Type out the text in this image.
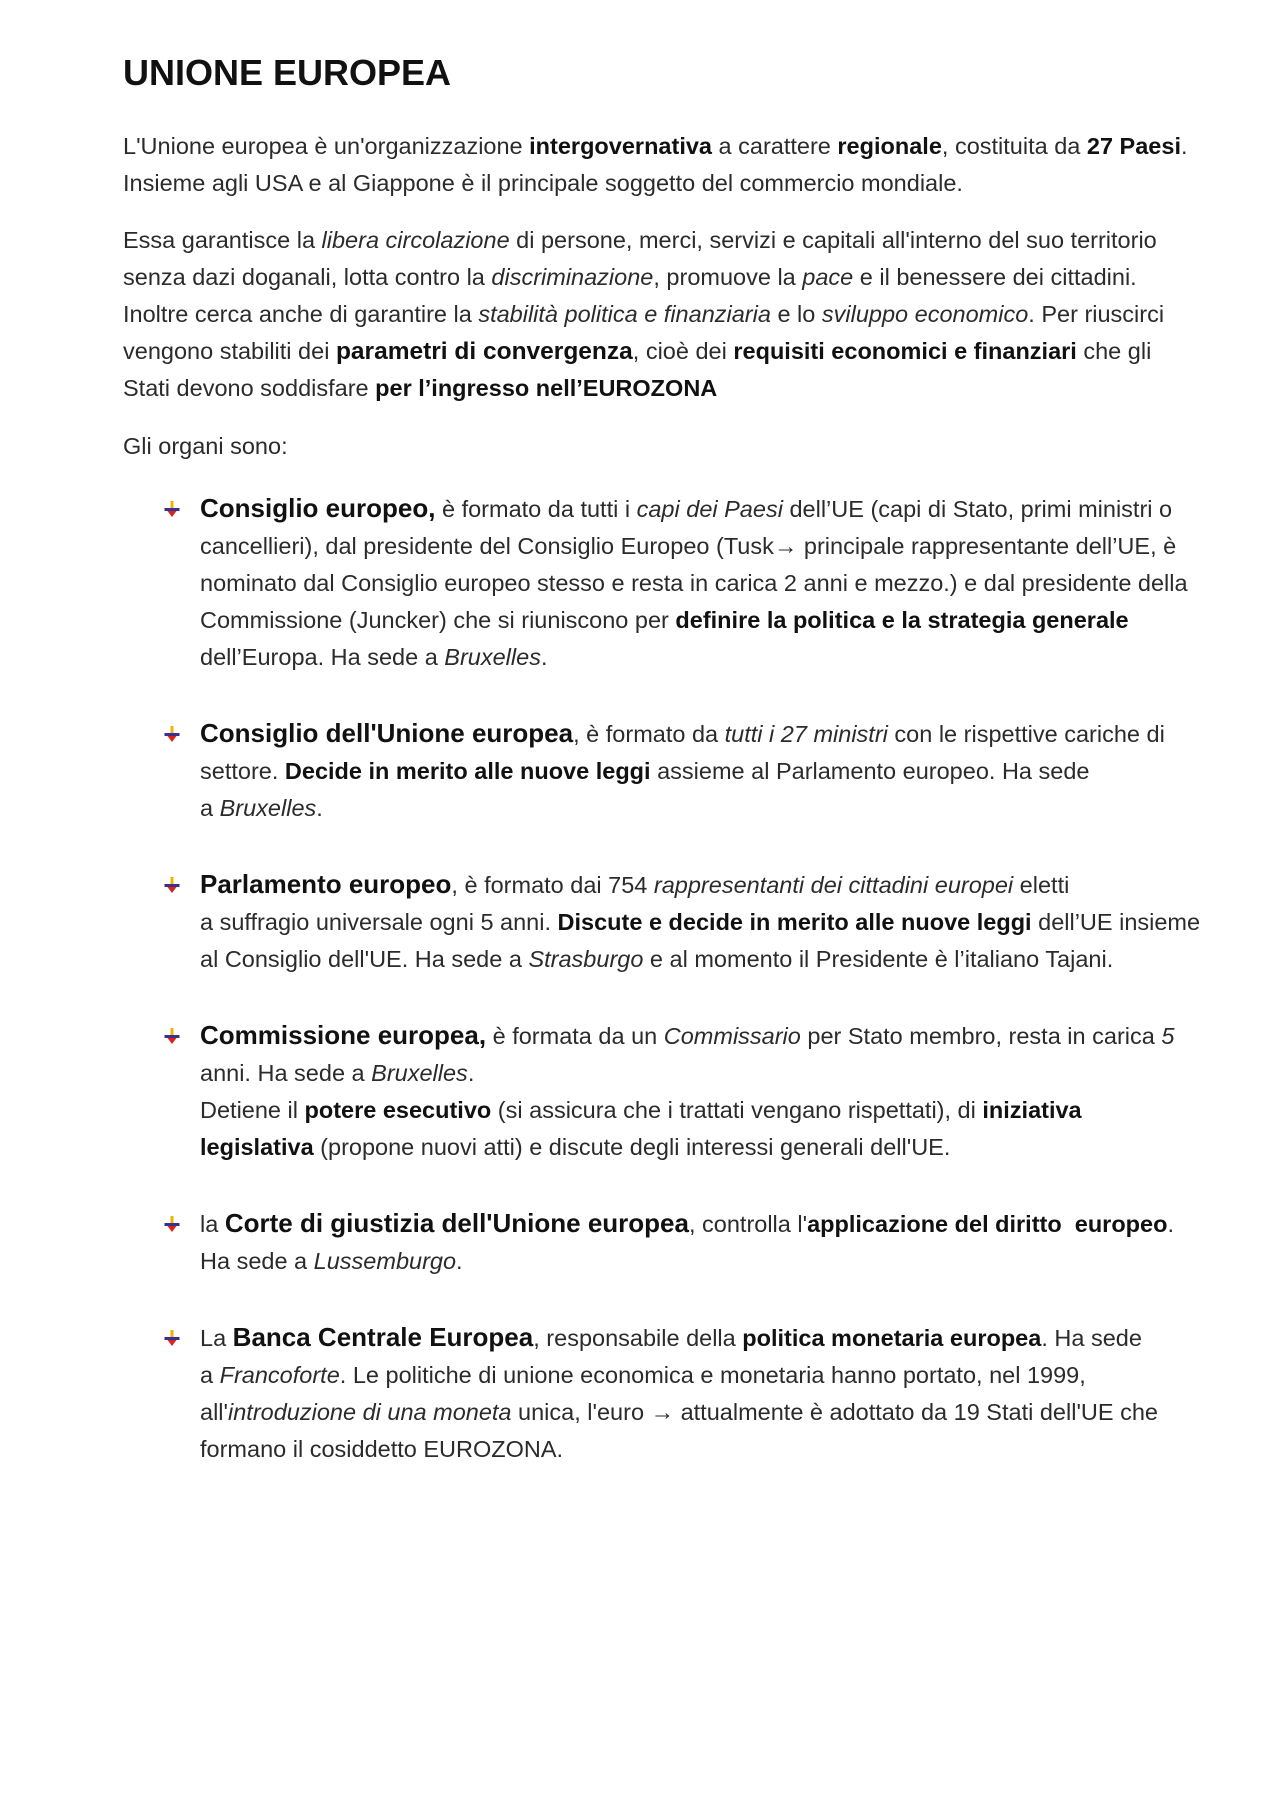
UNIONE EUROPEA
L'Unione europea è un'organizzazione intergovernativa a carattere regionale, costituita da 27 Paesi.
Insieme agli USA e al Giappone è il principale soggetto del commercio mondiale.
Essa garantisce la libera circolazione di persone, merci, servizi e capitali all'interno del suo territorio
senza dazi doganali, lotta contro la discriminazione, promuove la pace e il benessere dei cittadini.
Inoltre cerca anche di garantire la stabilità politica e finanziaria e lo sviluppo economico. Per riuscirci
vengono stabiliti dei parametri di convergenza, cioè dei requisiti economici e finanziari che gli
Stati devono soddisfare per l’ingresso nell’EUROZONA
Gli organi sono:
Consiglio europeo, è formato da tutti i capi dei Paesi dell’UE (capi di Stato, primi ministri o
cancellieri), dal presidente del Consiglio Europeo (Tusk→ principale rappresentante dell’UE, è
nominato dal Consiglio europeo stesso e resta in carica 2 anni e mezzo.) e dal presidente della
Commissione (Juncker) che si riuniscono per definire la politica e la strategia generale
dell’Europa. Ha sede a Bruxelles.
Consiglio dell'Unione europea, è formato da tutti i 27 ministri con le rispettive cariche di
settore. Decide in merito alle nuove leggi assieme al Parlamento europeo. Ha sede
a Bruxelles.
Parlamento europeo, è formato dai 754 rappresentanti dei cittadini europei eletti
a suffragio universale ogni 5 anni. Discute e decide in merito alle nuove leggi dell’UE insieme
al Consiglio dell'UE. Ha sede a Strasburgo e al momento il Presidente è l’italiano Tajani.
Commissione europea, è formata da un Commissario per Stato membro, resta in carica 5
anni. Ha sede a Bruxelles.
Detiene il potere esecutivo (si assicura che i trattati vengano rispettati), di iniziativa
legislativa (propone nuovi atti) e discute degli interessi generali dell'UE.
la Corte di giustizia dell'Unione europea, controlla l'applicazione del diritto  europeo.
Ha sede a Lussemburgo.
La Banca Centrale Europea, responsabile della politica monetaria europea. Ha sede
a Francoforte. Le politiche di unione economica e monetaria hanno portato, nel 1999,
all'introduzione di una moneta unica, l'euro → attualmente è adottato da 19 Stati dell'UE che
formano il cosiddetto EUROZONA.
